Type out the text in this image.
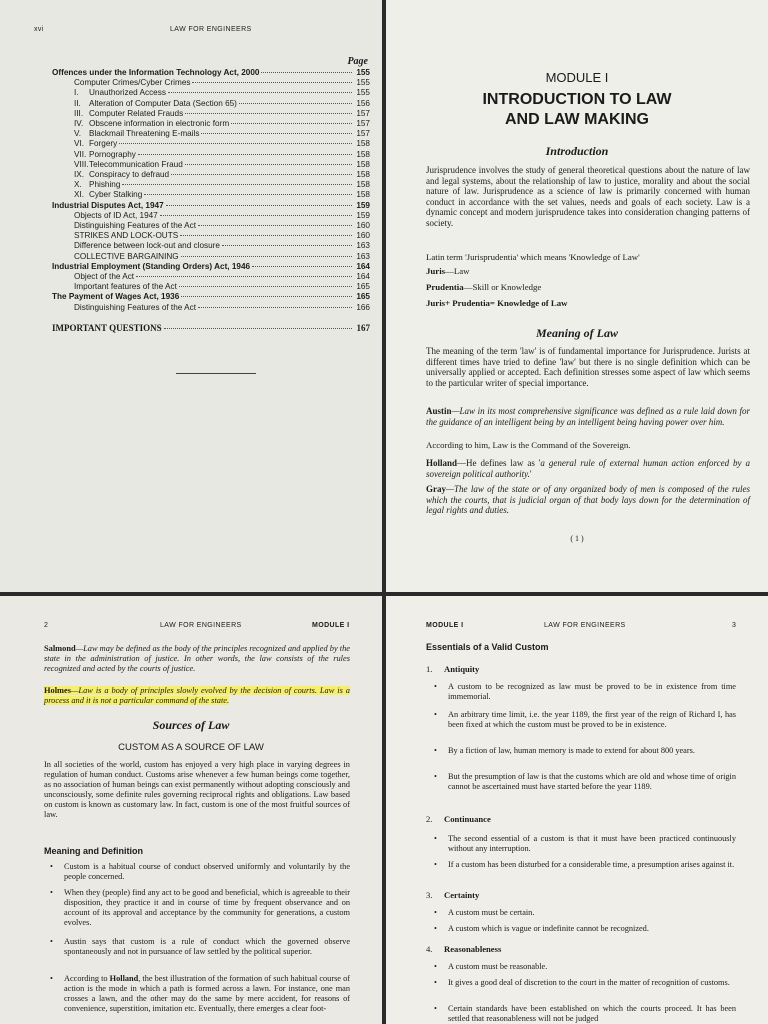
xvi	LAW FOR ENGINEERS
Page
Offences under the Information Technology Act, 2000	155
Computer Crimes/Cyber Crimes	155
I. Unauthorized Access	155
II. Alteration of Computer Data (Section 65)	156
III. Computer Related Frauds	157
IV. Obscene information in electronic form	157
V. Blackmail Threatening E-mails	157
VI. Forgery	158
VII. Pornography	158
VIII.Telecommunication Fraud	158
IX. Conspiracy to defraud	158
X. Phishing	158
XI. Cyber Stalking	158
Industrial Disputes Act, 1947	159
Objects of ID Act, 1947	159
Distinguishing Features of the Act	160
STRIKES AND LOCK-OUTS	160
Difference between lock-out and closure	163
COLLECTIVE BARGAINING	163
Industrial Employment (Standing Orders) Act, 1946	164
Object of the Act	164
Important features of the Act	165
The Payment of Wages Act, 1936	165
Distinguishing Features of the Act	166
IMPORTANT QUESTIONS	167
MODULE I
INTRODUCTION TO LAW
AND LAW MAKING
Introduction
Jurisprudence involves the study of general theoretical questions about the nature of law and legal systems, about the relationship of law to justice, morality and about the social nature of law. Jurisprudence as a science of law is primarily concerned with human conduct in accordance with the set values, needs and goals of each society. Law is a dynamic concept and modern jurisprudence takes into consideration changing patterns of society.
Latin term 'Jurisprudentia' which means 'Knowledge of Law'
Juris—Law
Prudentia—Skill or Knowledge
Juris+ Prudentia= Knowledge of Law
Meaning of Law
The meaning of the term 'law' is of fundamental importance for Jurisprudence. Jurists at different times have tried to define 'law' but there is no single definition which can be universally applied or accepted. Each definition stresses some aspect of law which seems to the particular writer of special importance.
Austin—Law in its most comprehensive significance was defined as a rule laid down for the guidance of an intelligent being by an intelligent being having power over him.
According to him, Law is the Command of the Sovereign.
Holland—He defines law as 'a general rule of external human action enforced by a sovereign political authority.'
Gray—The law of the state or of any organized body of men is composed of the rules which the courts, that is judicial organ of that body lays down for the determination of legal rights and duties.
( 1 )
2	LAW FOR ENGINEERS	MODULE I
Salmond—Law may be defined as the body of the principles recognized and applied by the state in the administration of justice. In other words, the law consists of the rules recognized and acted by the courts of justice.
Holmes—Law is a body of principles slowly evolved by the decision of courts. Law is a process and it is not a particular command of the state.
Sources of Law
CUSTOM AS A SOURCE OF LAW
In all societies of the world, custom has enjoyed a very high place in varying degrees in regulation of human conduct. Customs arise whenever a few human beings come together, as no association of human beings can exist permanently without adopting consciously and unconsciously, some definite rules governing reciprocal rights and obligations. Law based on custom is known as customary law. In fact, custom is one of the most fruitful sources of law.
Meaning and Definition
• Custom is a habitual course of conduct observed uniformly and voluntarily by the people concerned.
• When they (people) find any act to be good and beneficial, which is agreeable to their disposition, they practice it and in course of time by frequent observance and on account of its approval and acceptance by the community for generations, a custom evolves.
• Austin says that custom is a rule of conduct which the governed observe spontaneously and not in pursuance of law settled by the political superior.
• According to Holland, the best illustration of the formation of such habitual course of action is the mode in which a path is formed across a lawn. For instance, one man crosses a lawn, and the other may do the same by mere accident, for reasons of convenience, superstition, imitation etc. Eventually, there emerges a clear foot-
MODULE I	LAW FOR ENGINEERS	3
Essentials of a Valid Custom
1. Antiquity
• A custom to be recognized as law must be proved to be in existence from time immemorial.
• An arbitrary time limit, i.e. the year 1189, the first year of the reign of Richard I, has been fixed at which the custom must be proved to be in existence.
• By a fiction of law, human memory is made to extend for about 800 years.
• But the presumption of law is that the customs which are old and whose time of origin cannot be ascertained must have started before the year 1189.
2. Continuance
• The second essential of a custom is that it must have been practiced continuously without any interruption.
• If a custom has been disturbed for a considerable time, a presumption arises against it.
3. Certainty
• A custom must be certain.
• A custom which is vague or indefinite cannot be recognized.
4. Reasonableness
• A custom must be reasonable.
• It gives a good deal of discretion to the court in the matter of recognition of customs.
• Certain standards have been established on which the courts proceed. It has been settled that reasonableness will not be judged
